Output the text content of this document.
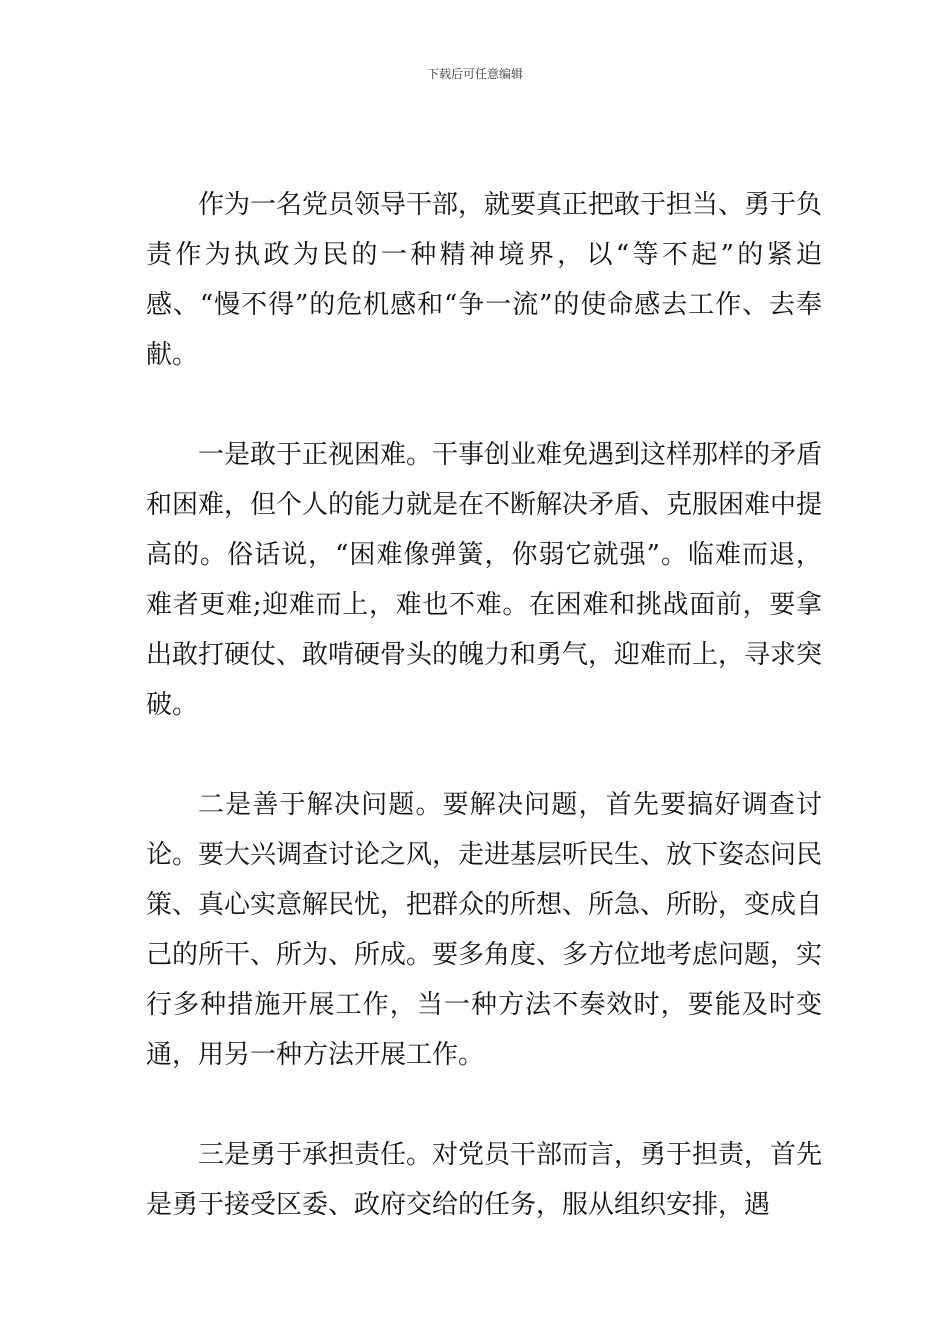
下载后可任意编辑

作为一名党员领导干部，就要真正把敢于担当、勇于负责作为执政为民的一种精神境界，以“等不起”的紧迫感、“慢不得”的危机感和“争一流”的使命感去工作、去奉献。

一是敢于正视困难。干事创业难免遇到这样那样的矛盾和困难，但个人的能力就是在不断解决矛盾、克服困难中提高的。俗话说，“困难像弹簧，你弱它就强”。临难而退，难者更难;迎难而上，难也不难。在困难和挑战面前，要拿出敢打硬仗、敢啃硬骨头的魄力和勇气，迎难而上，寻求突破。

二是善于解决问题。要解决问题，首先要搞好调查讨论。要大兴调查讨论之风，走进基层听民生、放下姿态问民策、真心实意解民忧，把群众的所想、所急、所盼，变成自己的所干、所为、所成。要多角度、多方位地考虑问题，实行多种措施开展工作，当一种方法不奏效时，要能及时变通，用另一种方法开展工作。

三是勇于承担责任。对党员干部而言，勇于担责，首先是勇于接受区委、政府交给的任务，服从组织安排，遇
